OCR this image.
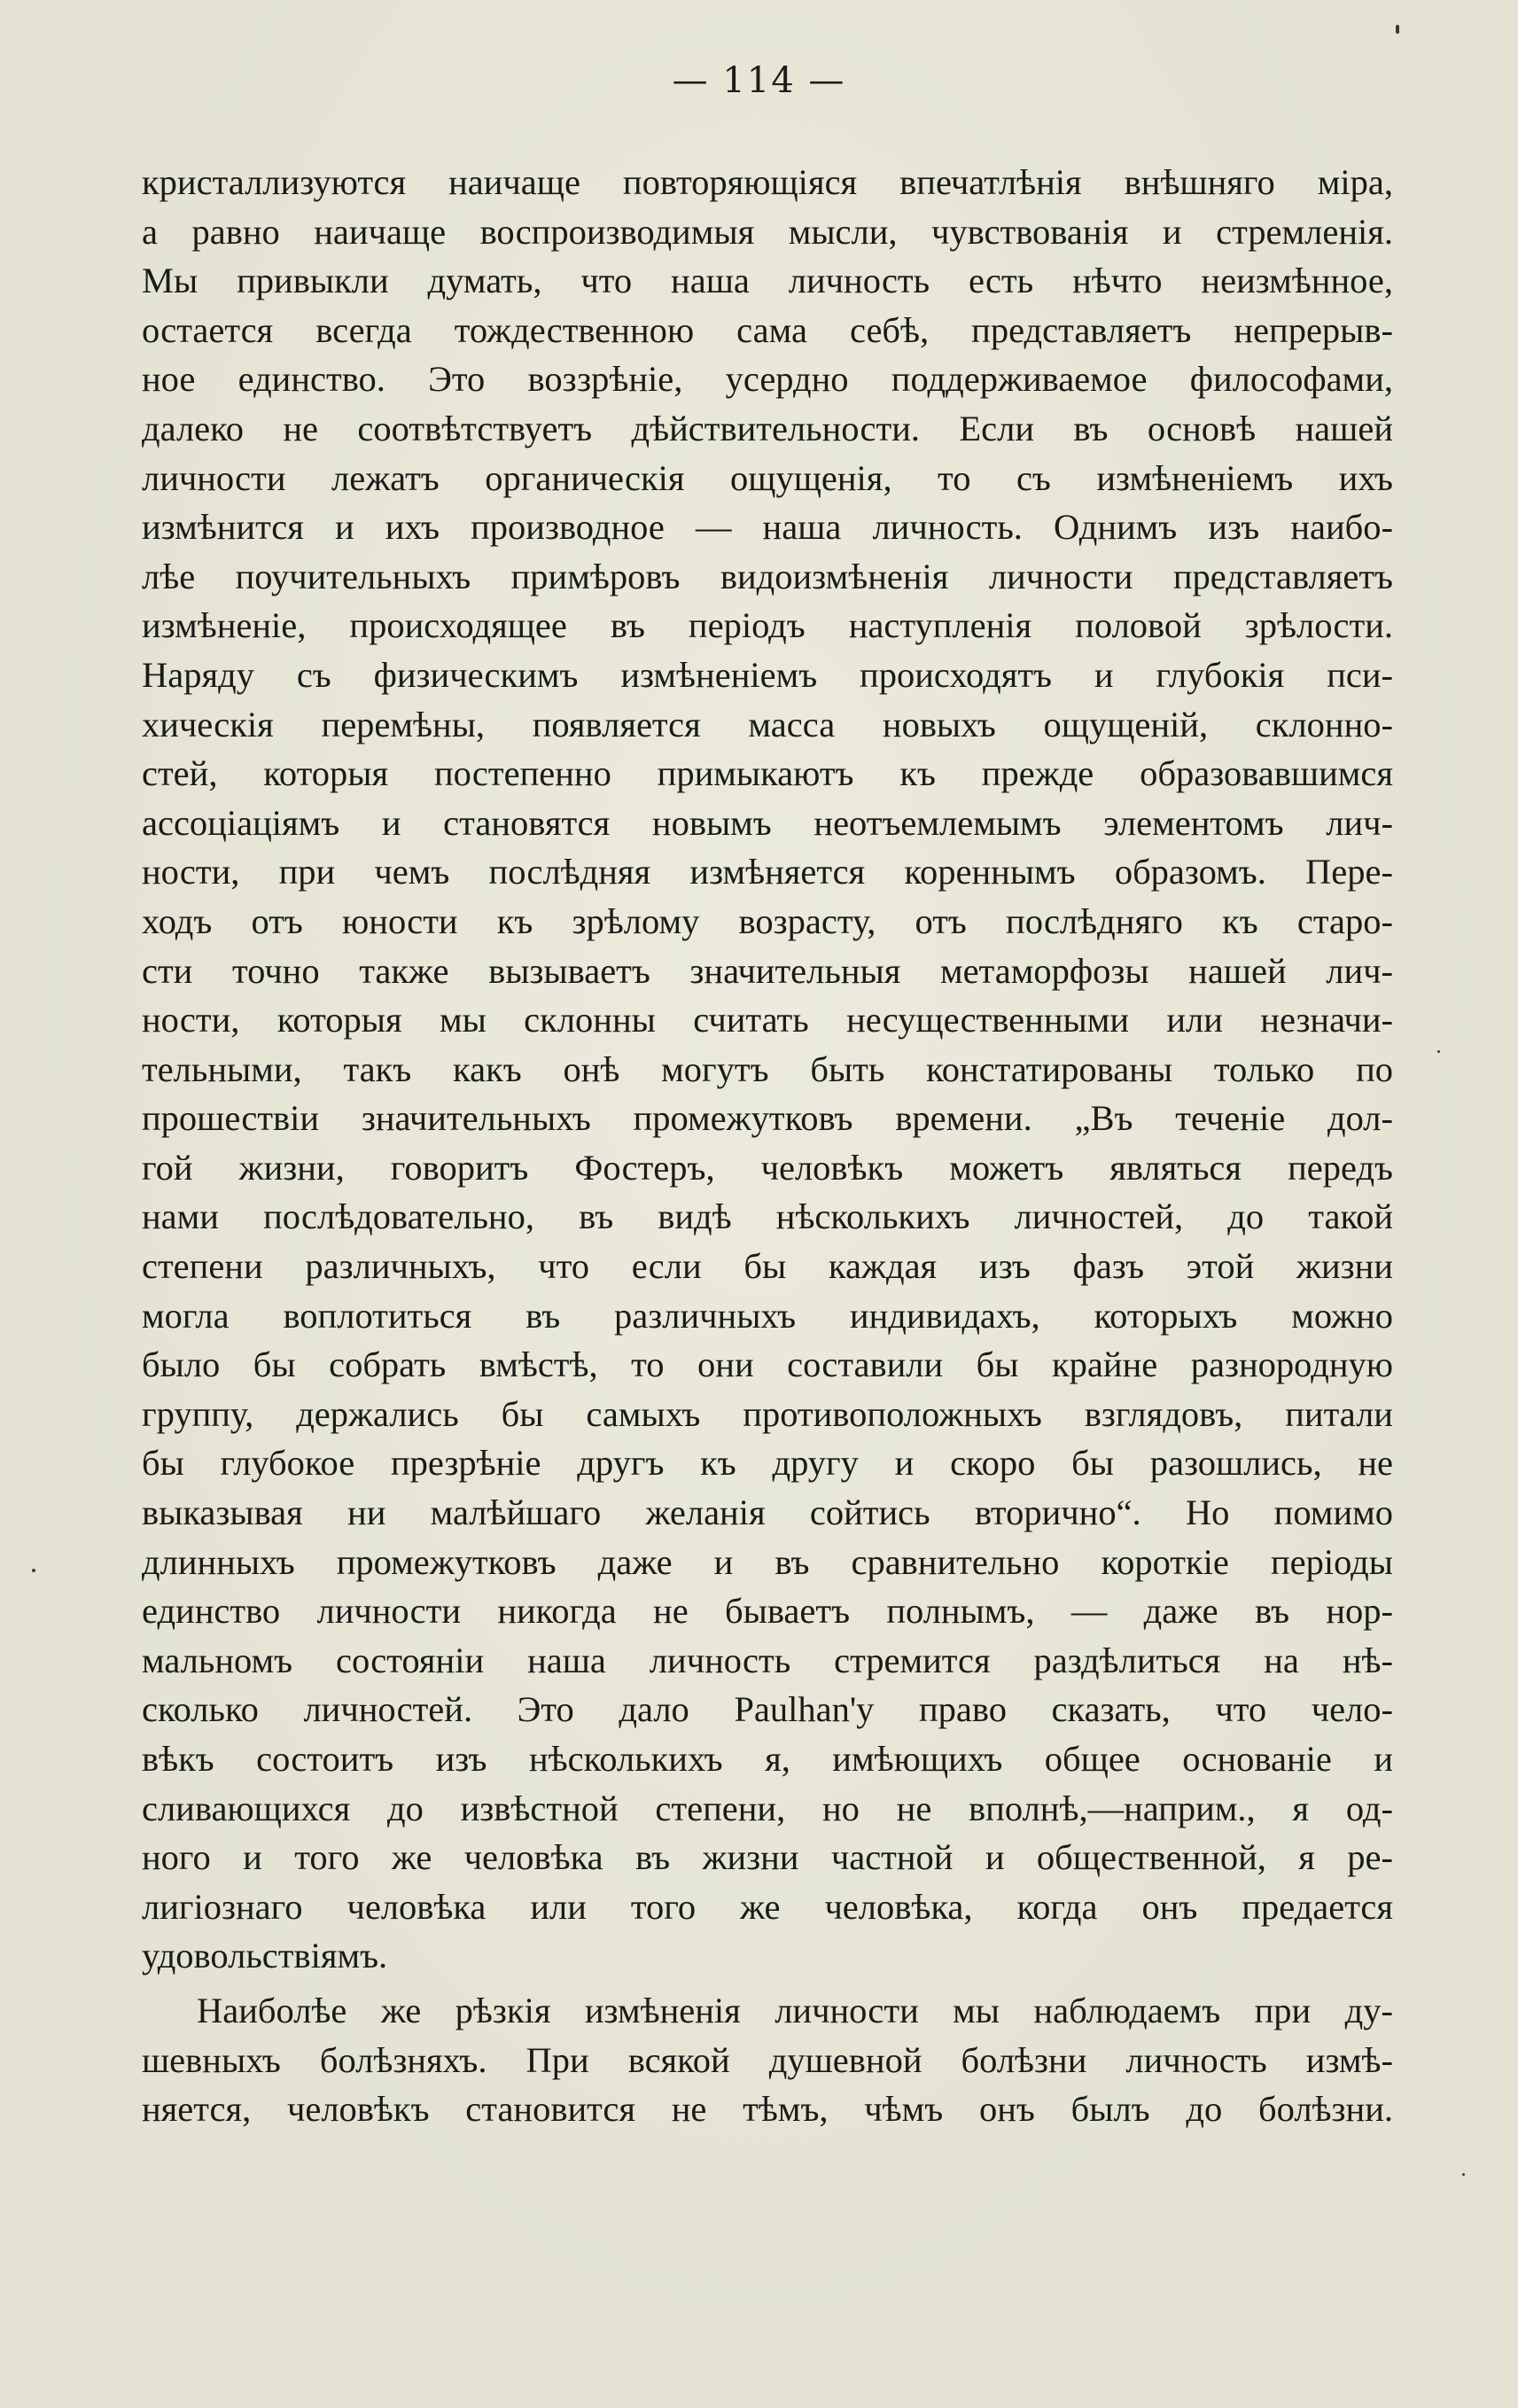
— 114 —
кристаллизуются наичаще повторяющіяся впечатлѣнія внѣшняго міра,
а равно наичаще воспроизводимыя мысли, чувствованія и стремленія.
Мы привыкли думать, что наша личность есть нѣчто неизмѣнное,
остается всегда тождественною сама себѣ, представляетъ непрерыв-
ное единство. Это воззрѣніе, усердно поддерживаемое философами,
далеко не соотвѣтствуетъ дѣйствительности. Если въ основѣ нашей
личности лежатъ органическія ощущенія, то съ измѣненіемъ ихъ
измѣнится и ихъ производное — наша личность. Однимъ изъ наибо-
лѣе поучительныхъ примѣровъ видоизмѣненія личности представляетъ
измѣненіе, происходящее въ періодъ наступленія половой зрѣлости.
Наряду съ физическимъ измѣненіемъ происходятъ и глубокія пси-
хическія перемѣны, появляется масса новыхъ ощущеній, склонно-
стей, которыя постепенно примыкаютъ къ прежде образовавшимся
ассоціаціямъ и становятся новымъ неотъемлемымъ элементомъ лич-
ности, при чемъ послѣдняя измѣняется кореннымъ образомъ. Пере-
ходъ отъ юности къ зрѣлому возрасту, отъ послѣдняго къ старо-
сти точно также вызываетъ значительныя метаморфозы нашей лич-
ности, которыя мы склонны считать несущественными или незначи-
тельными, такъ какъ онѣ могутъ быть констатированы только по
прошествіи значительныхъ промежутковъ времени. „Въ теченіе дол-
гой жизни, говоритъ Фостеръ, человѣкъ можетъ являться передъ
нами послѣдовательно, въ видѣ нѣсколькихъ личностей, до такой
степени различныхъ, что если бы каждая изъ фазъ этой жизни
могла воплотиться въ различныхъ индивидахъ, которыхъ можно
было бы собрать вмѣстѣ, то они составили бы крайне разнородную
группу, держались бы самыхъ противоположныхъ взглядовъ, питали
бы глубокое презрѣніе другъ къ другу и скоро бы разошлись, не
выказывая ни малѣйшаго желанія сойтись вторично“. Но помимо
длинныхъ промежутковъ даже и въ сравнительно короткіе періоды
единство личности никогда не бываетъ полнымъ, — даже въ нор-
мальномъ состояніи наша личность стремится раздѣлиться на нѣ-
сколько личностей. Это дало Paulhan'у право сказать, что чело-
вѣкъ состоитъ изъ нѣсколькихъ я, имѣющихъ общее основаніе и
сливающихся до извѣстной степени, но не вполнѣ,—наприм., я од-
ного и того же человѣка въ жизни частной и общественной, я ре-
лигіознаго человѣка или того же человѣка, когда онъ предается
удовольствіямъ.
Наиболѣе же рѣзкія измѣненія личности мы наблюдаемъ при ду-
шевныхъ болѣзняхъ. При всякой душевной болѣзни личность измѣ-
няется, человѣкъ становится не тѣмъ, чѣмъ онъ былъ до болѣзни.
